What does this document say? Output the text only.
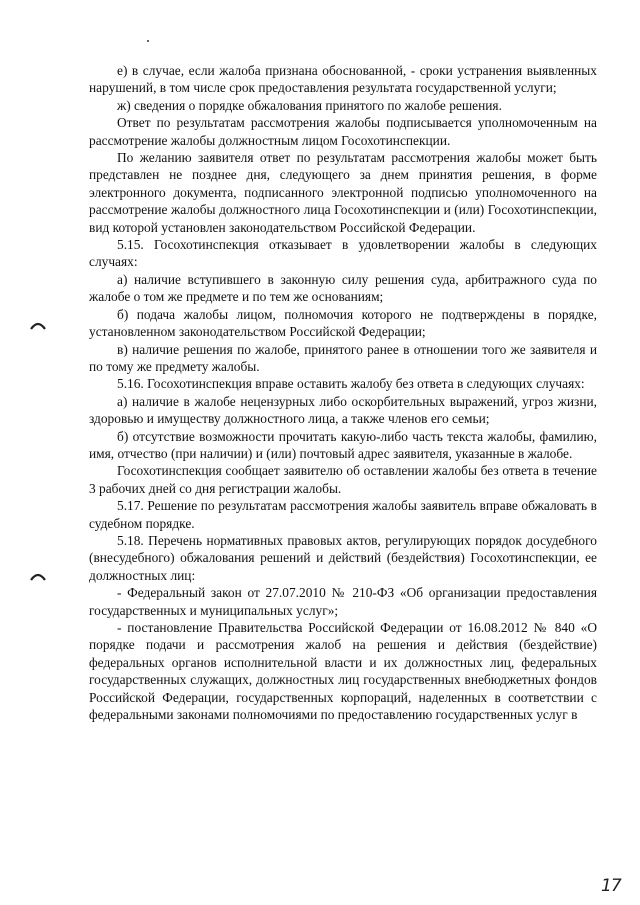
е) в случае, если жалоба признана обоснованной, - сроки устранения выявленных нарушений, в том числе срок предоставления результата государственной услуги;

ж) сведения о порядке обжалования принятого по жалобе решения.

Ответ по результатам рассмотрения жалобы подписывается уполномоченным на рассмотрение жалобы должностным лицом Госохотинспекции.

По желанию заявителя ответ по результатам рассмотрения жалобы может быть представлен не позднее дня, следующего за днем принятия решения, в форме электронного документа, подписанного электронной подписью уполномоченного на рассмотрение жалобы должностного лица Госохотинспекции и (или) Госохотинспекции, вид которой установлен законодательством Российской Федерации.

5.15. Госохотинспекция отказывает в удовлетворении жалобы в следующих случаях:

а) наличие вступившего в законную силу решения суда, арбитражного суда по жалобе о том же предмете и по тем же основаниям;

б) подача жалобы лицом, полномочия которого не подтверждены в порядке, установленном законодательством Российской Федерации;

в) наличие решения по жалобе, принятого ранее в отношении того же заявителя и по тому же предмету жалобы.

5.16. Госохотинспекция вправе оставить жалобу без ответа в следующих случаях:

а) наличие в жалобе нецензурных либо оскорбительных выражений, угроз жизни, здоровью и имуществу должностного лица, а также членов его семьи;

б) отсутствие возможности прочитать какую-либо часть текста жалобы, фамилию, имя, отчество (при наличии) и (или) почтовый адрес заявителя, указанные в жалобе.

Госохотинспекция сообщает заявителю об оставлении жалобы без ответа в течение 3 рабочих дней со дня регистрации жалобы.

5.17. Решение по результатам рассмотрения жалобы заявитель вправе обжаловать в судебном порядке.

5.18. Перечень нормативных правовых актов, регулирующих порядок досудебного (внесудебного) обжалования решений и действий (бездействия) Госохотинспекции, ее должностных лиц:

- Федеральный закон от 27.07.2010 № 210-ФЗ «Об организации предоставления государственных и муниципальных услуг»;

- постановление Правительства Российской Федерации от 16.08.2012 № 840 «О порядке подачи и рассмотрения жалоб на решения и действия (бездействие) федеральных органов исполнительной власти и их должностных лиц, федеральных государственных служащих, должностных лиц государственных внебюджетных фондов Российской Федерации, государственных корпораций, наделенных в соответствии с федеральными законами полномочиями по предоставлению государственных услуг в

17
